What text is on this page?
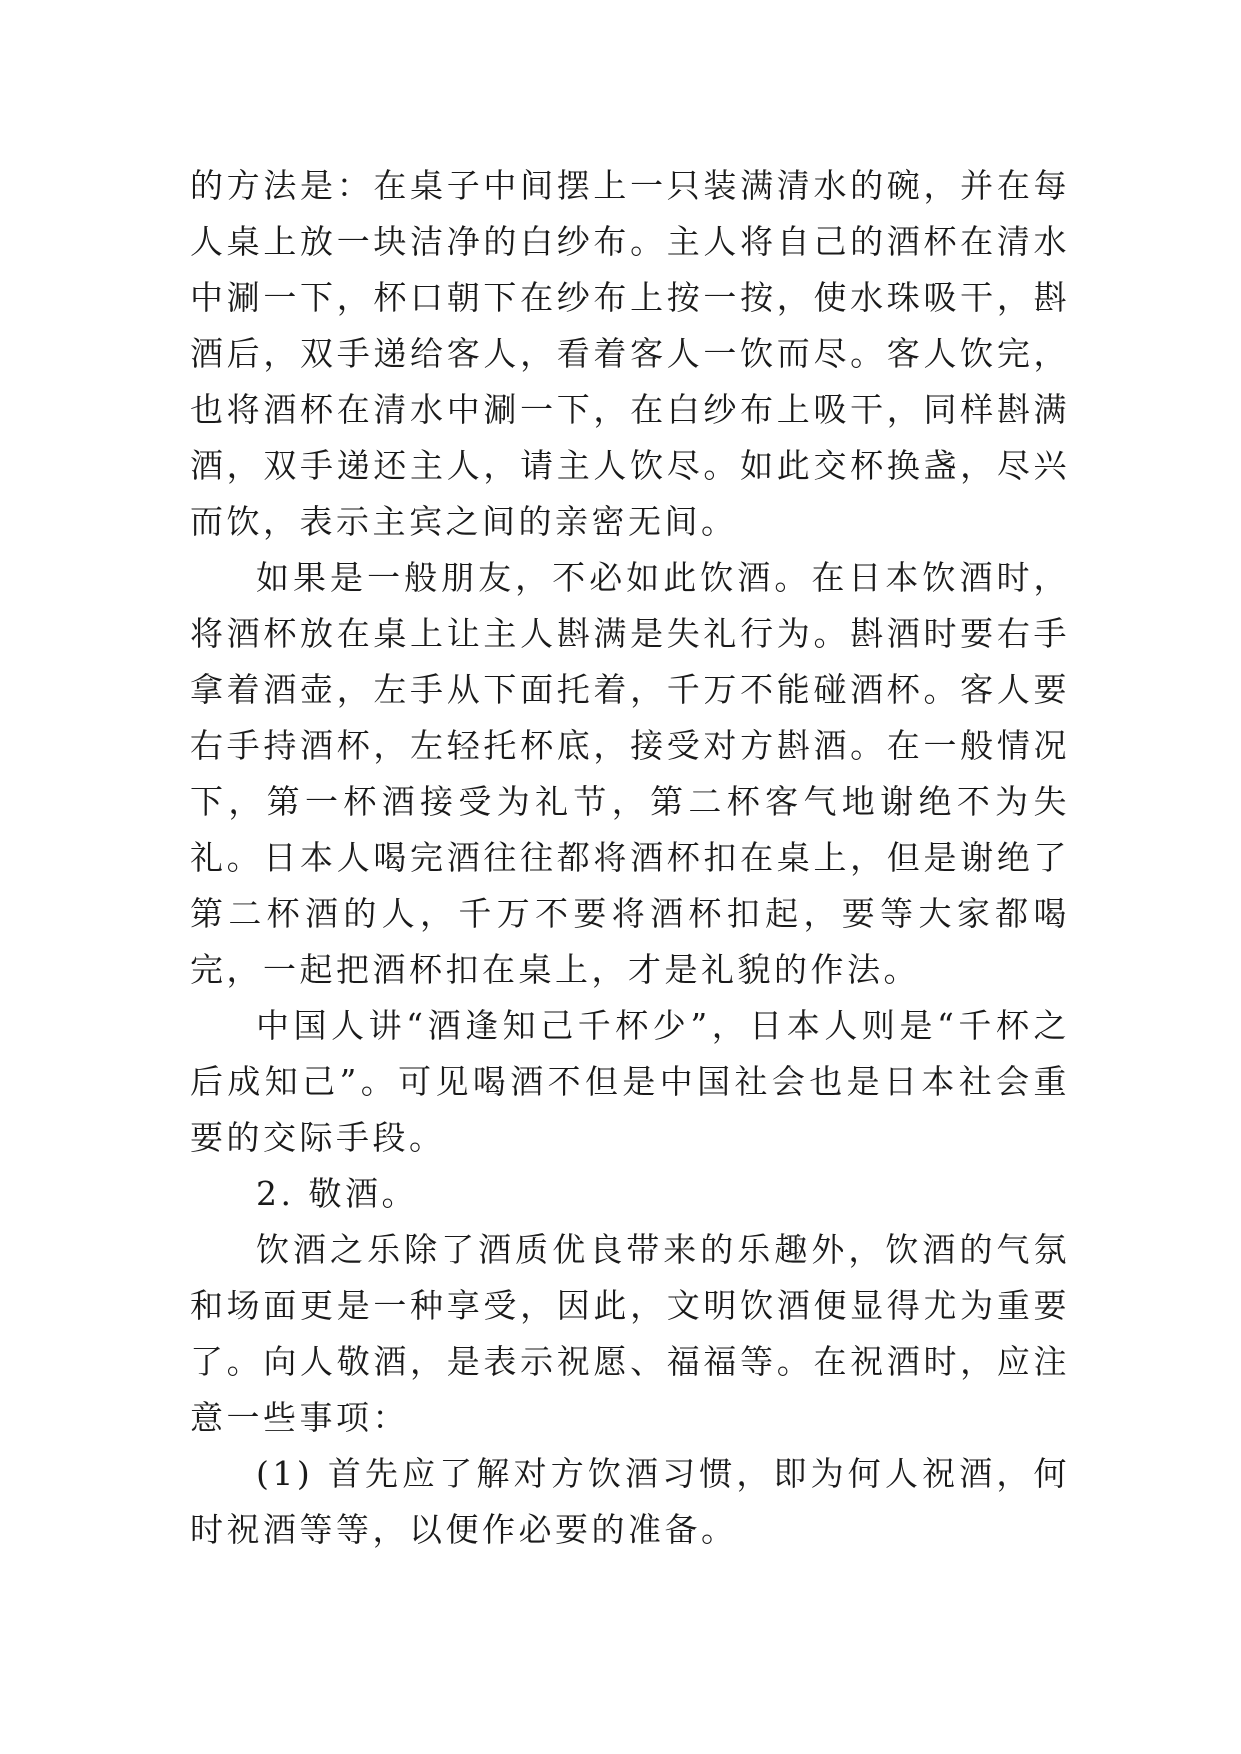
的方法是：在桌子中间摆上一只装满清水的碗，并在每人桌上放一块洁净的白纱布。主人将自己的酒杯在清水中涮一下，杯口朝下在纱布上按一按，使水珠吸干，斟酒后，双手递给客人，看着客人一饮而尽。客人饮完，也将酒杯在清水中涮一下，在白纱布上吸干，同样斟满酒，双手递还主人，请主人饮尽。如此交杯换盏，尽兴而饮，表示主宾之间的亲密无间。

如果是一般朋友，不必如此饮酒。在日本饮酒时，将酒杯放在桌上让主人斟满是失礼行为。斟酒时要右手拿着酒壶，左手从下面托着，千万不能碰酒杯。客人要右手持酒杯，左轻托杯底，接受对方斟酒。在一般情况下，第一杯酒接受为礼节，第二杯客气地谢绝不为失礼。日本人喝完酒往往都将酒杯扣在桌上，但是谢绝了第二杯酒的人，千万不要将酒杯扣起，要等大家都喝完，一起把酒杯扣在桌上，才是礼貌的作法。

中国人讲“酒逢知己千杯少”，日本人则是“千杯之后成知己”。可见喝酒不但是中国社会也是日本社会重要的交际手段。

2. 敬酒。

饮酒之乐除了酒质优良带来的乐趣外，饮酒的气氛和场面更是一种享受，因此，文明饮酒便显得尤为重要了。向人敬酒，是表示祝愿、福福等。在祝酒时，应注意一些事项：

(1) 首先应了解对方饮酒习惯，即为何人祝酒，何时祝酒等等，以便作必要的准备。
